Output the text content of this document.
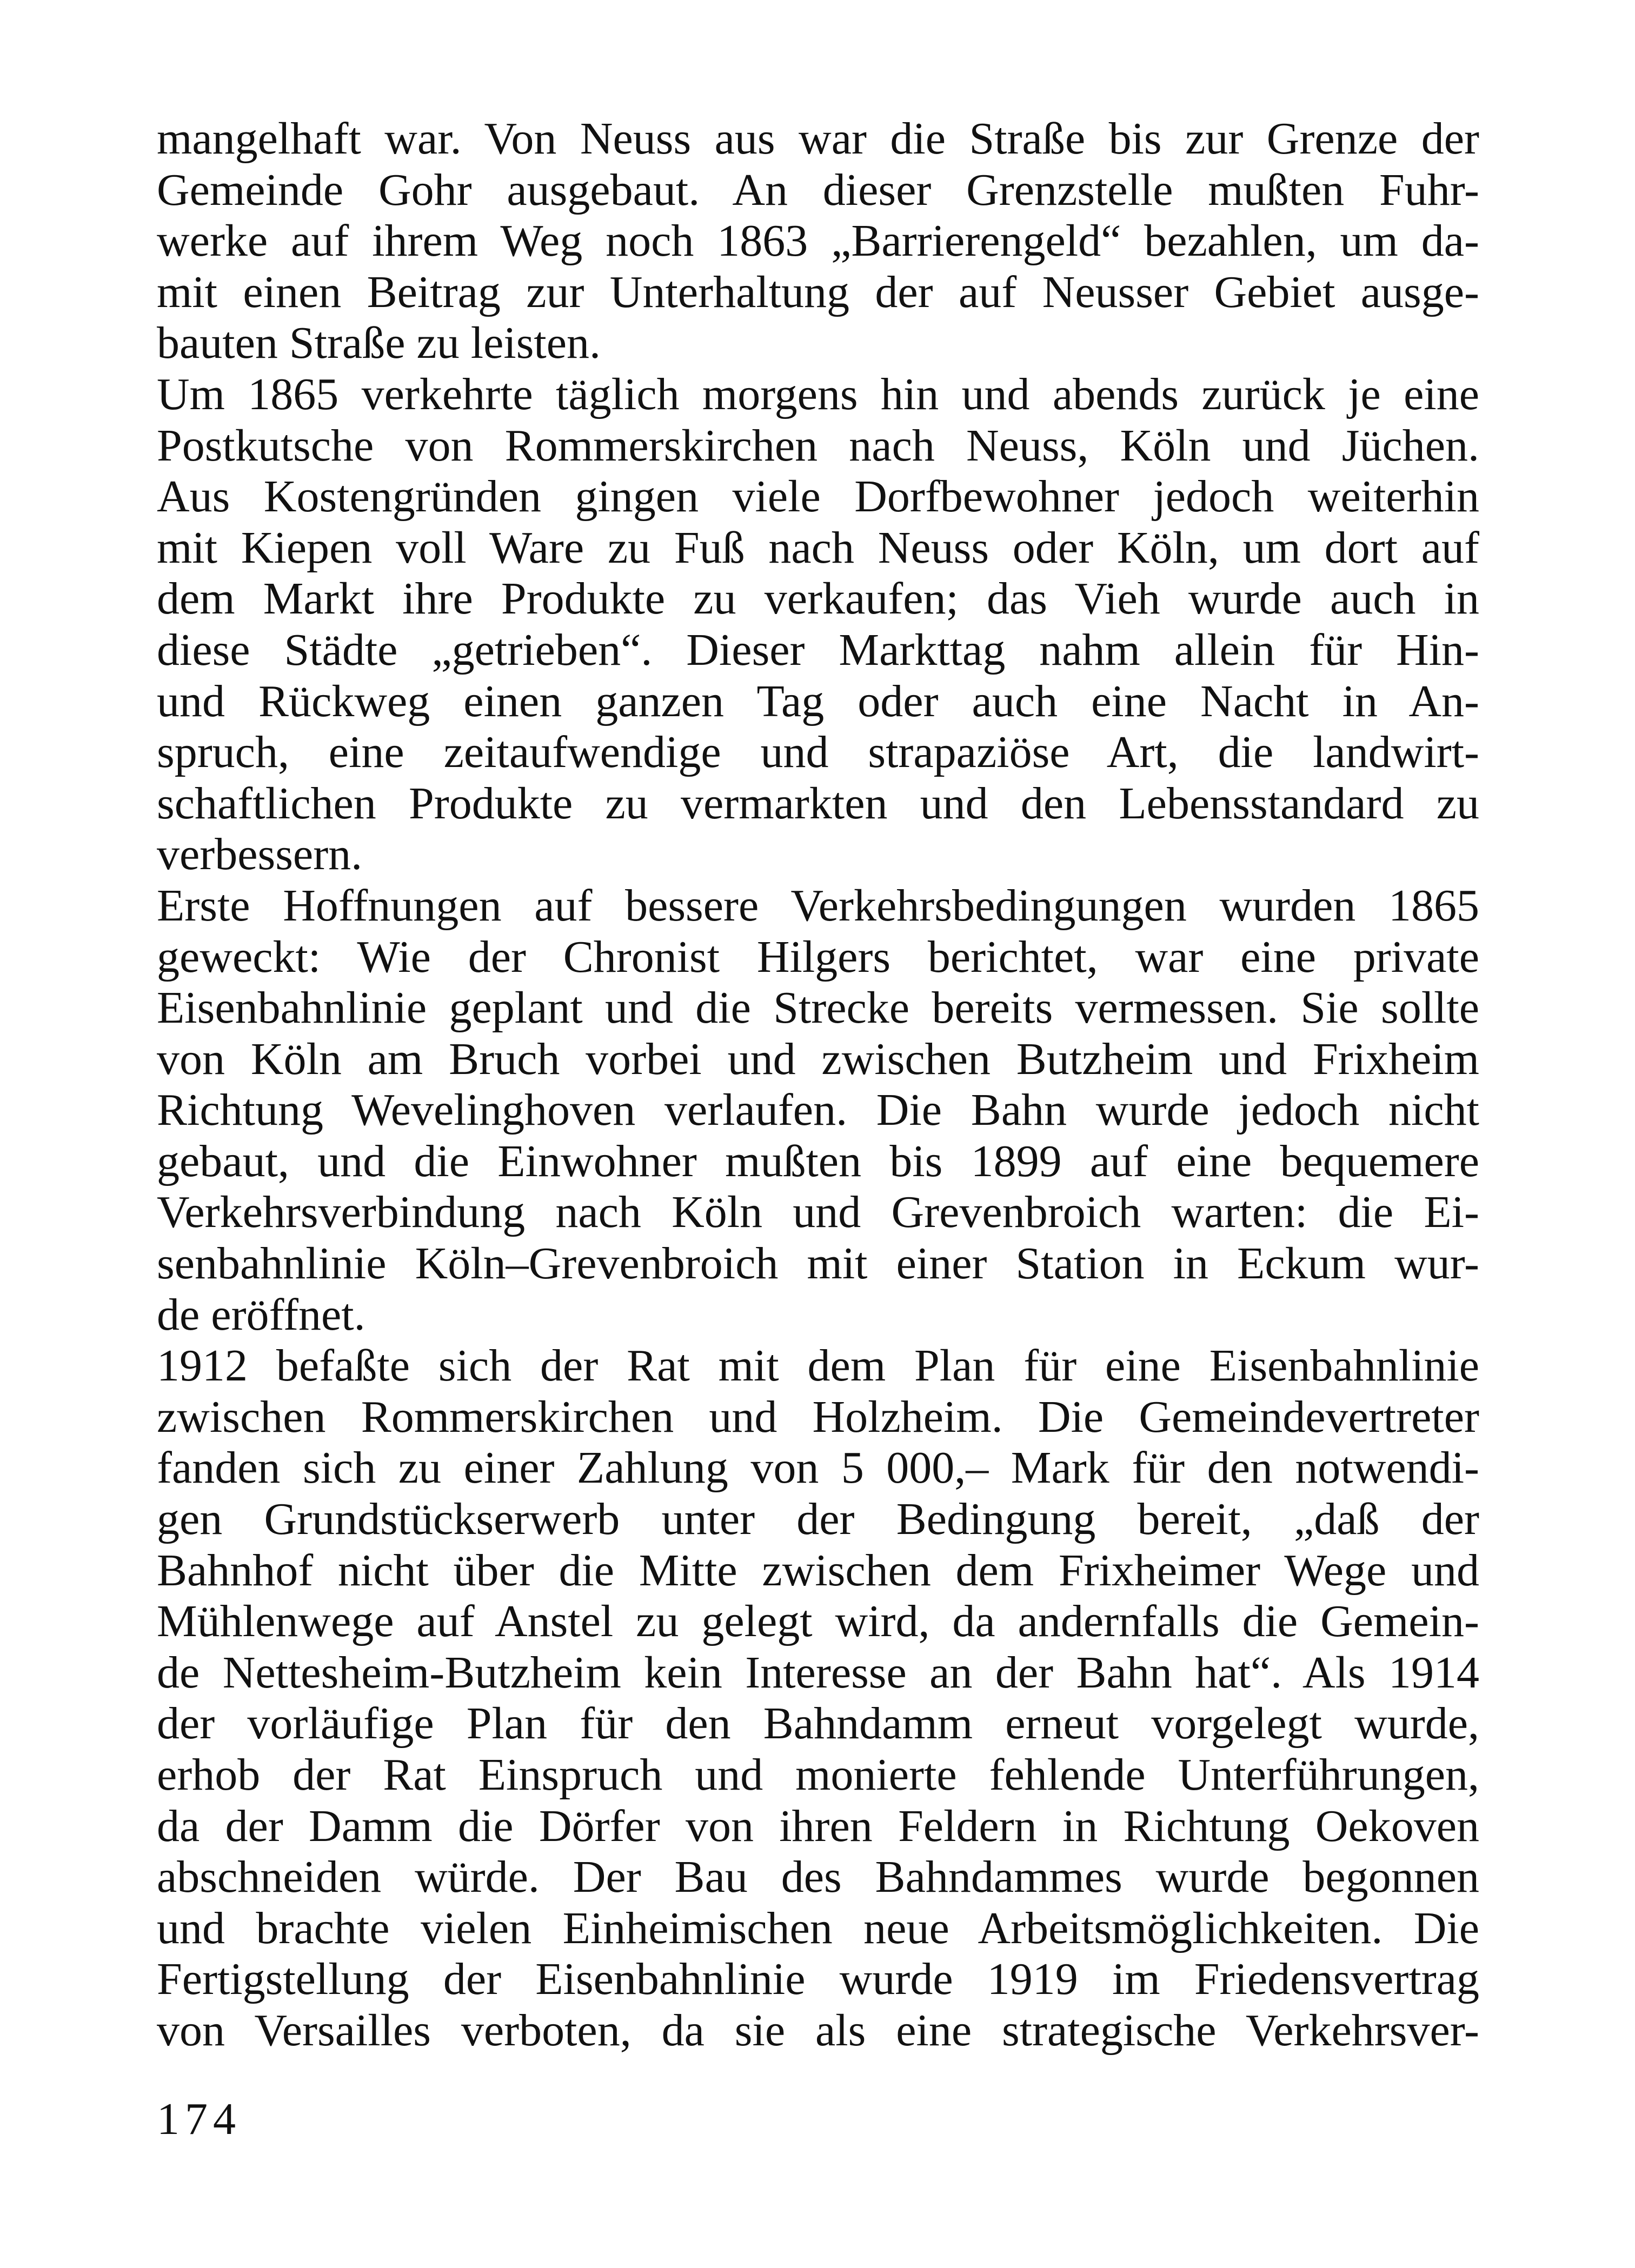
mangelhaft war. Von Neuss aus war die Straße bis zur Grenze der
Gemeinde Gohr ausgebaut. An dieser Grenzstelle mußten Fuhr-
werke auf ihrem Weg noch 1863 „Barrierengeld“ bezahlen, um da-
mit einen Beitrag zur Unterhaltung der auf Neusser Gebiet ausge-
bauten Straße zu leisten.
Um 1865 verkehrte täglich morgens hin und abends zurück je eine
Postkutsche von Rommerskirchen nach Neuss, Köln und Jüchen.
Aus Kostengründen gingen viele Dorfbewohner jedoch weiterhin
mit Kiepen voll Ware zu Fuß nach Neuss oder Köln, um dort auf
dem Markt ihre Produkte zu verkaufen; das Vieh wurde auch in
diese Städte „getrieben“. Dieser Markttag nahm allein für Hin-
und Rückweg einen ganzen Tag oder auch eine Nacht in An-
spruch, eine zeitaufwendige und strapaziöse Art, die landwirt-
schaftlichen Produkte zu vermarkten und den Lebensstandard zu
verbessern.
Erste Hoffnungen auf bessere Verkehrsbedingungen wurden 1865
geweckt: Wie der Chronist Hilgers berichtet, war eine private
Eisenbahnlinie geplant und die Strecke bereits vermessen. Sie sollte
von Köln am Bruch vorbei und zwischen Butzheim und Frixheim
Richtung Wevelinghoven verlaufen. Die Bahn wurde jedoch nicht
gebaut, und die Einwohner mußten bis 1899 auf eine bequemere
Verkehrsverbindung nach Köln und Grevenbroich warten: die Ei-
senbahnlinie Köln–Grevenbroich mit einer Station in Eckum wur-
de eröffnet.
1912 befaßte sich der Rat mit dem Plan für eine Eisenbahnlinie
zwischen Rommerskirchen und Holzheim. Die Gemeindevertreter
fanden sich zu einer Zahlung von 5 000,– Mark für den notwendi-
gen Grundstückserwerb unter der Bedingung bereit, „daß der
Bahnhof nicht über die Mitte zwischen dem Frixheimer Wege und
Mühlenwege auf Anstel zu gelegt wird, da andernfalls die Gemein-
de Nettesheim-Butzheim kein Interesse an der Bahn hat“. Als 1914
der vorläufige Plan für den Bahndamm erneut vorgelegt wurde,
erhob der Rat Einspruch und monierte fehlende Unterführungen,
da der Damm die Dörfer von ihren Feldern in Richtung Oekoven
abschneiden würde. Der Bau des Bahndammes wurde begonnen
und brachte vielen Einheimischen neue Arbeitsmöglichkeiten. Die
Fertigstellung der Eisenbahnlinie wurde 1919 im Friedensvertrag
von Versailles verboten, da sie als eine strategische Verkehrsver-
174
